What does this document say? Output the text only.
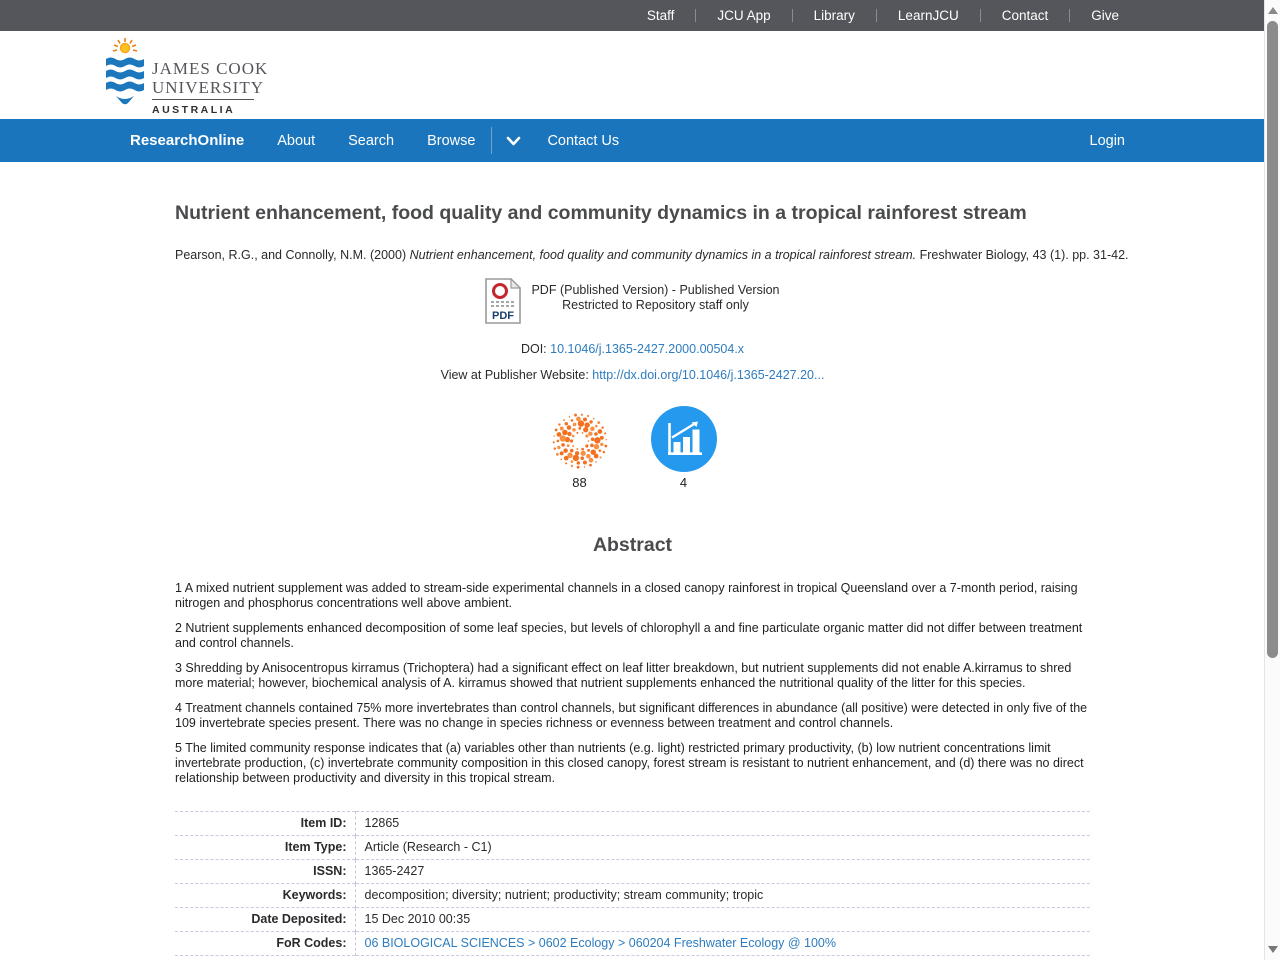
Staff	JCU App	Library	LearnJCU	Contact	Give
JAMES COOK
UNIVERSITY
AUSTRALIA
ResearchOnline About Search Browse	Contact Us	Login
Nutrient enhancement, food quality and community dynamics in a tropical rainforest stream
Pearson, R.G., and Connolly, N.M. (2000) Nutrient enhancement, food quality and community dynamics in a tropical rainforest stream. Freshwater Biology, 43 (1). pp. 31-42.
PDF
PDF (Published Version) - Published Version
Restricted to Repository staff only
DOI: 10.1046/j.1365-2427.2000.00504.x
View at Publisher Website: http://dx.doi.org/10.1046/j.1365-2427.20...
88	4
Abstract

1 A mixed nutrient supplement was added to stream-side experimental channels in a closed canopy rainforest in tropical Queensland over a 7-month period, raising nitrogen and phosphorus concentrations well above ambient.

2 Nutrient supplements enhanced decomposition of some leaf species, but levels of chlorophyll a and fine particulate organic matter did not differ between treatment and control channels.

3 Shredding by Anisocentropus kirramus (Trichoptera) had a significant effect on leaf litter breakdown, but nutrient supplements did not enable A.kirramus to shred more material; however, biochemical analysis of A. kirramus showed that nutrient supplements enhanced the nutritional quality of the litter for this species.

4 Treatment channels contained 75% more invertebrates than control channels, but significant differences in abundance (all positive) were detected in only five of the 109 invertebrate species present. There was no change in species richness or evenness between treatment and control channels.

5 The limited community response indicates that (a) variables other than nutrients (e.g. light) restricted primary productivity, (b) low nutrient concentrations limit invertebrate production, (c) invertebrate community composition in this closed canopy, forest stream is resistant to nutrient enhancement, and (d) there was no direct relationship between productivity and diversity in this tropical stream.

Item ID:	12865
Item Type:	Article (Research - C1)
ISSN:	1365-2427
Keywords:	decomposition; diversity; nutrient; productivity; stream community; tropic
Date Deposited:	15 Dec 2010 00:35
FoR Codes:	06 BIOLOGICAL SCIENCES > 0602 Ecology > 060204 Freshwater Ecology @ 100%
